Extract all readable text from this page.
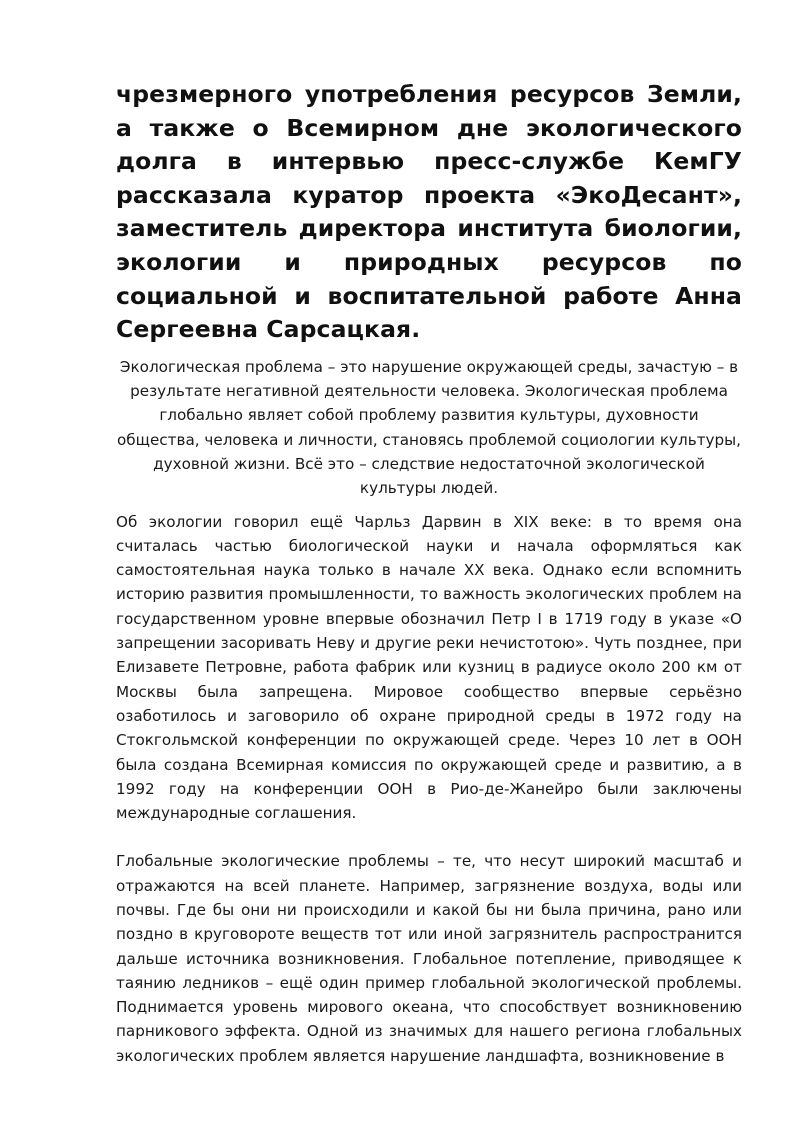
чрезмерного употребления ресурсов Земли, а также о Всемирном дне экологического долга в интервью пресс-службе КемГУ рассказала куратор проекта «ЭкоДесант», заместитель директора института биологии, экологии и природных ресурсов по социальной и воспитательной работе Анна Сергеевна Сарсацкая.

Экологическая проблема – это нарушение окружающей среды, зачастую – в результате негативной деятельности человека. Экологическая проблема глобально являет собой проблему развития культуры, духовности общества, человека и личности, становясь проблемой социологии культуры, духовной жизни. Всё это – следствие недостаточной экологической культуры людей.

Об экологии говорил ещё Чарльз Дарвин в XIX веке: в то время она считалась частью биологической науки и начала оформляться как самостоятельная наука только в начале XX века. Однако если вспомнить историю развития промышленности, то важность экологических проблем на государственном уровне впервые обозначил Петр I в 1719 году в указе «О запрещении засоривать Неву и другие реки нечистотою». Чуть позднее, при Елизавете Петровне, работа фабрик или кузниц в радиусе около 200 км от Москвы была запрещена. Мировое сообщество впервые серьёзно озаботилось и заговорило об охране природной среды в 1972 году на Стокгольмской конференции по окружающей среде. Через 10 лет в ООН была создана Всемирная комиссия по окружающей среде и развитию, а в 1992 году на конференции ООН в Рио-де-Жанейро были заключены международные соглашения.

Глобальные экологические проблемы – те, что несут широкий масштаб и отражаются на всей планете. Например, загрязнение воздуха, воды или почвы. Где бы они ни происходили и какой бы ни была причина, рано или поздно в круговороте веществ тот или иной загрязнитель распространится дальше источника возникновения. Глобальное потепление, приводящее к таянию ледников – ещё один пример глобальной экологической проблемы. Поднимается уровень мирового океана, что способствует возникновению парникового эффекта. Одной из значимых для нашего региона глобальных экологических проблем является нарушение ландшафта, возникновение в
